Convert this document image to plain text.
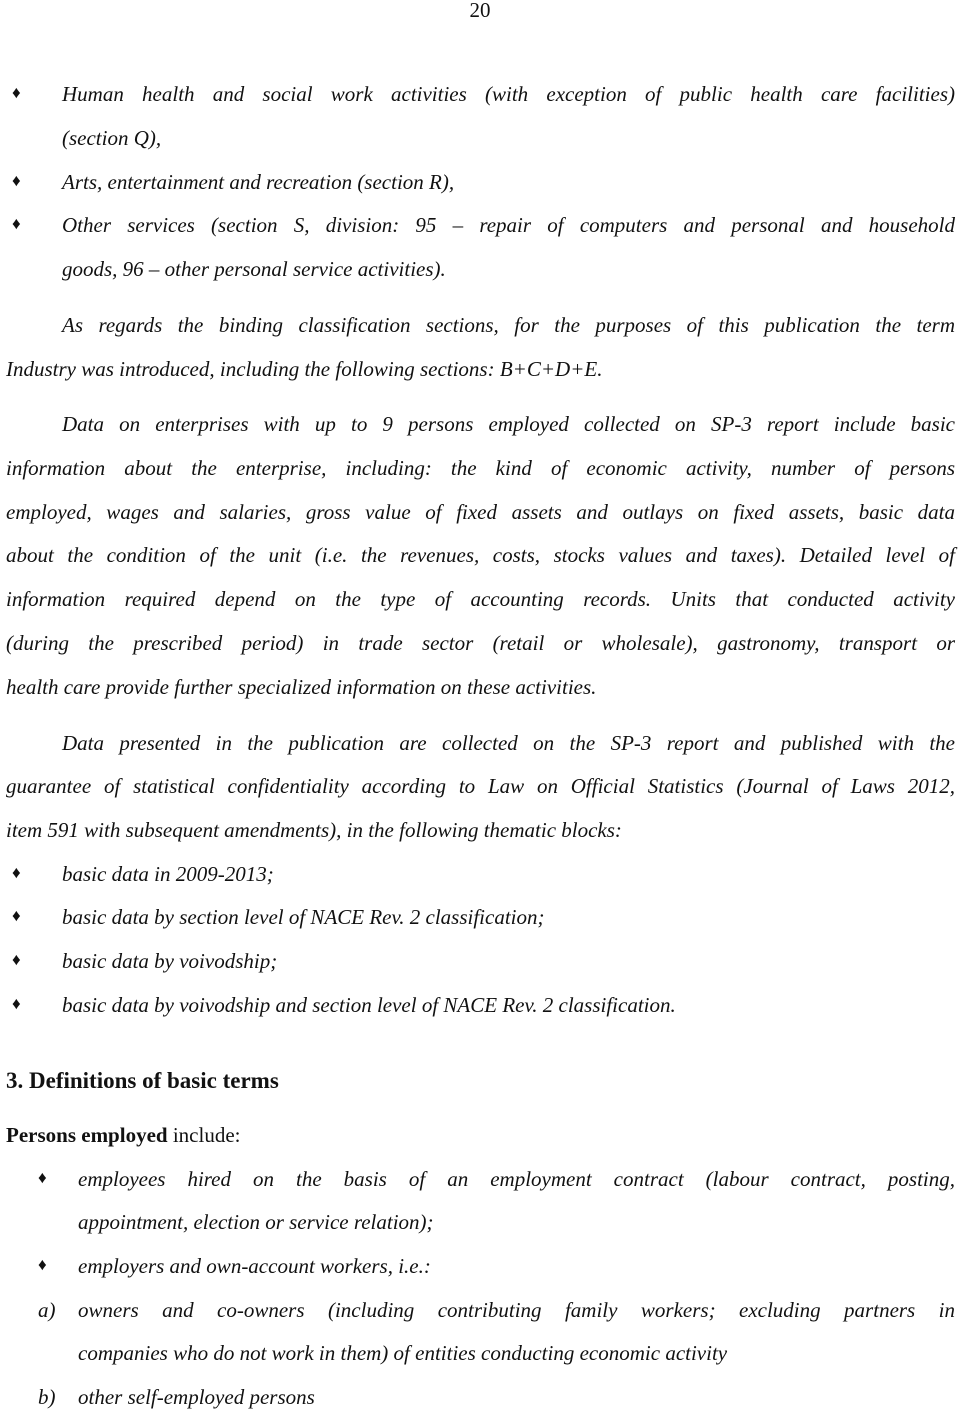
20
♦ Human health and social work activities (with exception of public health care facilities)
(section Q),
♦ Arts, entertainment and recreation (section R),
♦ Other services (section S, division: 95 – repair of computers and personal and household
goods, 96 – other personal service activities).
As regards the binding classification sections, for the purposes of this publication the term
Industry was introduced, including the following sections: B+C+D+E.
Data on enterprises with up to 9 persons employed collected on SP-3 report include basic
information about the enterprise, including: the kind of economic activity, number of persons
employed, wages and salaries, gross value of fixed assets and outlays on fixed assets, basic data
about the condition of the unit (i.e. the revenues, costs, stocks values and taxes). Detailed level of
information required depend on the type of accounting records. Units that conducted activity
(during the prescribed period) in trade sector (retail or wholesale), gastronomy, transport or
health care provide further specialized information on these activities.
Data presented in the publication are collected on the SP-3 report and published with the
guarantee of statistical confidentiality according to Law on Official Statistics (Journal of Laws 2012,
item 591 with subsequent amendments), in the following thematic blocks:
♦ basic data in 2009-2013;
♦ basic data by section level of NACE Rev. 2 classification;
♦ basic data by voivodship;
♦ basic data by voivodship and section level of NACE Rev. 2 classification.
3. Definitions of basic terms
Persons employed include:
♦ employees hired on the basis of an employment contract (labour contract, posting,
appointment, election or service relation);
♦ employers and own-account workers, i.e.:
a) owners and co-owners (including contributing family workers; excluding partners in
companies who do not work in them) of entities conducting economic activity
b) other self-employed persons
